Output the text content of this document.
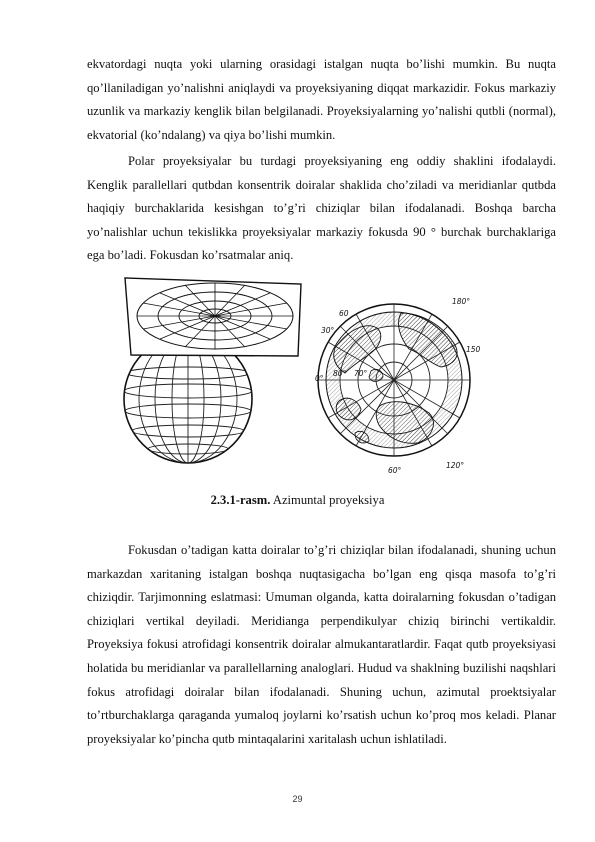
ekvatordagi nuqta yoki ularning orasidagi istalgan nuqta bo’lishi mumkin. Bu nuqta qo’llaniladigan yo’nalishni aniqlaydi va proyeksiyaning diqqat markazidir. Fokus markaziy uzunlik va markaziy kenglik bilan belgilanadi. Proyeksiyalarning yo’nalishi qutbli (normal), ekvatorial (ko’ndalang) va qiya bo’lishi mumkin.

Polar proyeksiyalar bu turdagi proyeksiyaning eng oddiy shaklini ifodalaydi. Kenglik parallellari qutbdan konsentrik doiralar shaklida cho’ziladi va meridianlar qutbda haqiqiy burchaklarida kesishgan to’g’ri chiziqlar bilan ifodalanadi. Boshqa barcha yo’nalishlar uchun tekislikka proyeksiyalar markaziy fokusda 90 ° burchak burchaklariga ega bo’ladi. Fokusdan ko’rsatmalar aniq.

60
30°
0°
80° 70°
180°
150
120°
60°
2.3.1-rasm. Azimuntal proyeksiya

Fokusdan o’tadigan katta doiralar to’g’ri chiziqlar bilan ifodalanadi, shuning uchun markazdan xaritaning istalgan boshqa nuqtasigacha bo’lgan eng qisqa masofa to’g’ri chiziqdir. Tarjimonning eslatmasi: Umuman olganda, katta doiralarning fokusdan o’tadigan chiziqlari vertikal deyiladi. Meridianga perpendikulyar chiziq birinchi vertikaldir. Proyeksiya fokusi atrofidagi konsentrik doiralar almukantaratlardir. Faqat qutb proyeksiyasi holatida bu meridianlar va parallellarning analoglari. Hudud va shaklning buzilishi naqshlari fokus atrofidagi doiralar bilan ifodalanadi. Shuning uchun, azimutal proektsiyalar to’rtburchaklarga qaraganda yumaloq joylarni ko’rsatish uchun ko’proq mos keladi. Planar proyeksiyalar ko’pincha qutb mintaqalarini xaritalash uchun ishlatiladi.

29
